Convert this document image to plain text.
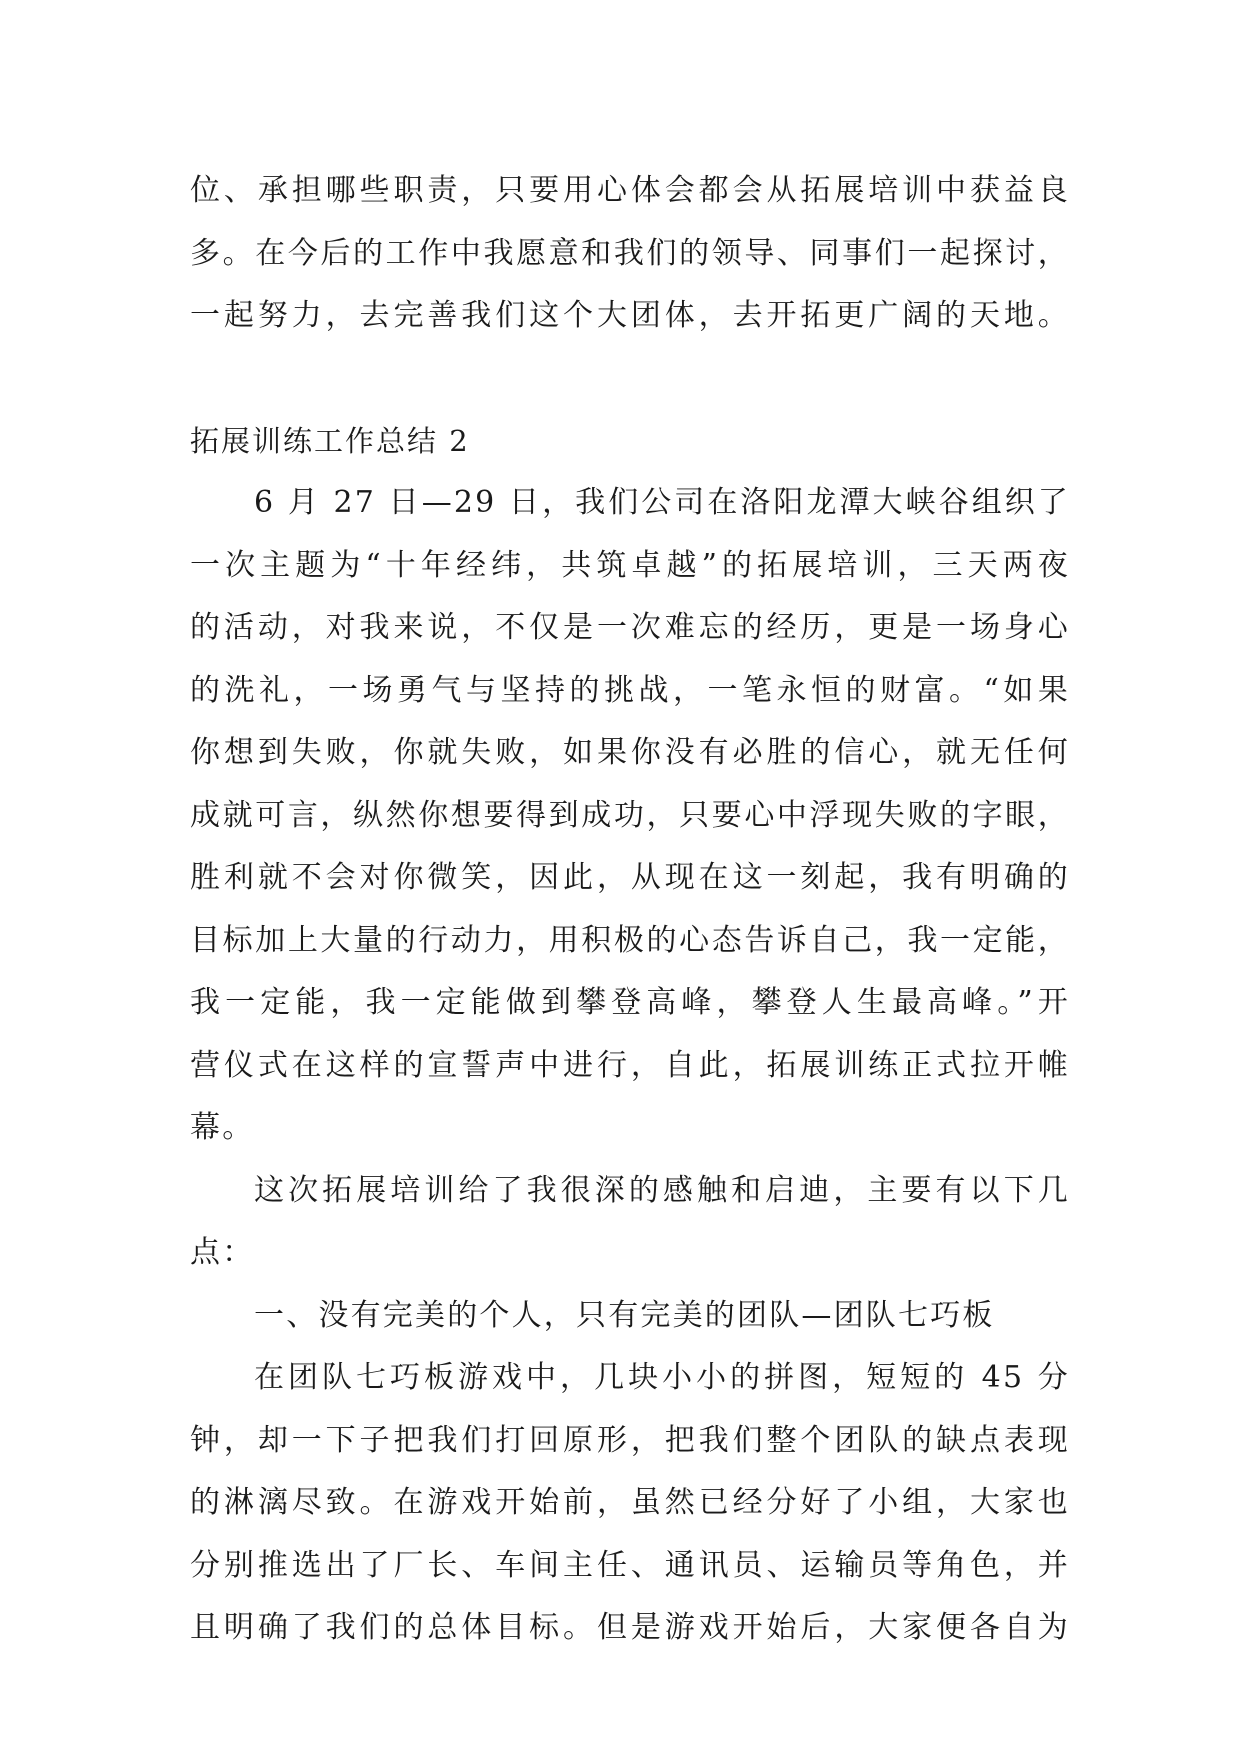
位、承担哪些职责，只要用心体会都会从拓展培训中获益良
多。在今后的工作中我愿意和我们的领导、同事们一起探讨，
一起努力，去完善我们这个大团体，去开拓更广阔的天地。
拓展训练工作总结 2
6 月 27 日—29 日，我们公司在洛阳龙潭大峡谷组织了
一次主题为“十年经纬，共筑卓越”的拓展培训，三天两夜
的活动，对我来说，不仅是一次难忘的经历，更是一场身心
的洗礼，一场勇气与坚持的挑战，一笔永恒的财富。“如果
你想到失败，你就失败，如果你没有必胜的信心，就无任何
成就可言，纵然你想要得到成功，只要心中浮现失败的字眼，
胜利就不会对你微笑，因此，从现在这一刻起，我有明确的
目标加上大量的行动力，用积极的心态告诉自己，我一定能，
我一定能，我一定能做到攀登高峰，攀登人生最高峰。”开
营仪式在这样的宣誓声中进行，自此，拓展训练正式拉开帷
幕。
这次拓展培训给了我很深的感触和启迪，主要有以下几
点：
一、没有完美的个人，只有完美的团队—团队七巧板
在团队七巧板游戏中，几块小小的拼图，短短的 45 分
钟，却一下子把我们打回原形，把我们整个团队的缺点表现
的淋漓尽致。在游戏开始前，虽然已经分好了小组，大家也
分别推选出了厂长、车间主任、通讯员、运输员等角色，并
且明确了我们的总体目标。但是游戏开始后，大家便各自为
